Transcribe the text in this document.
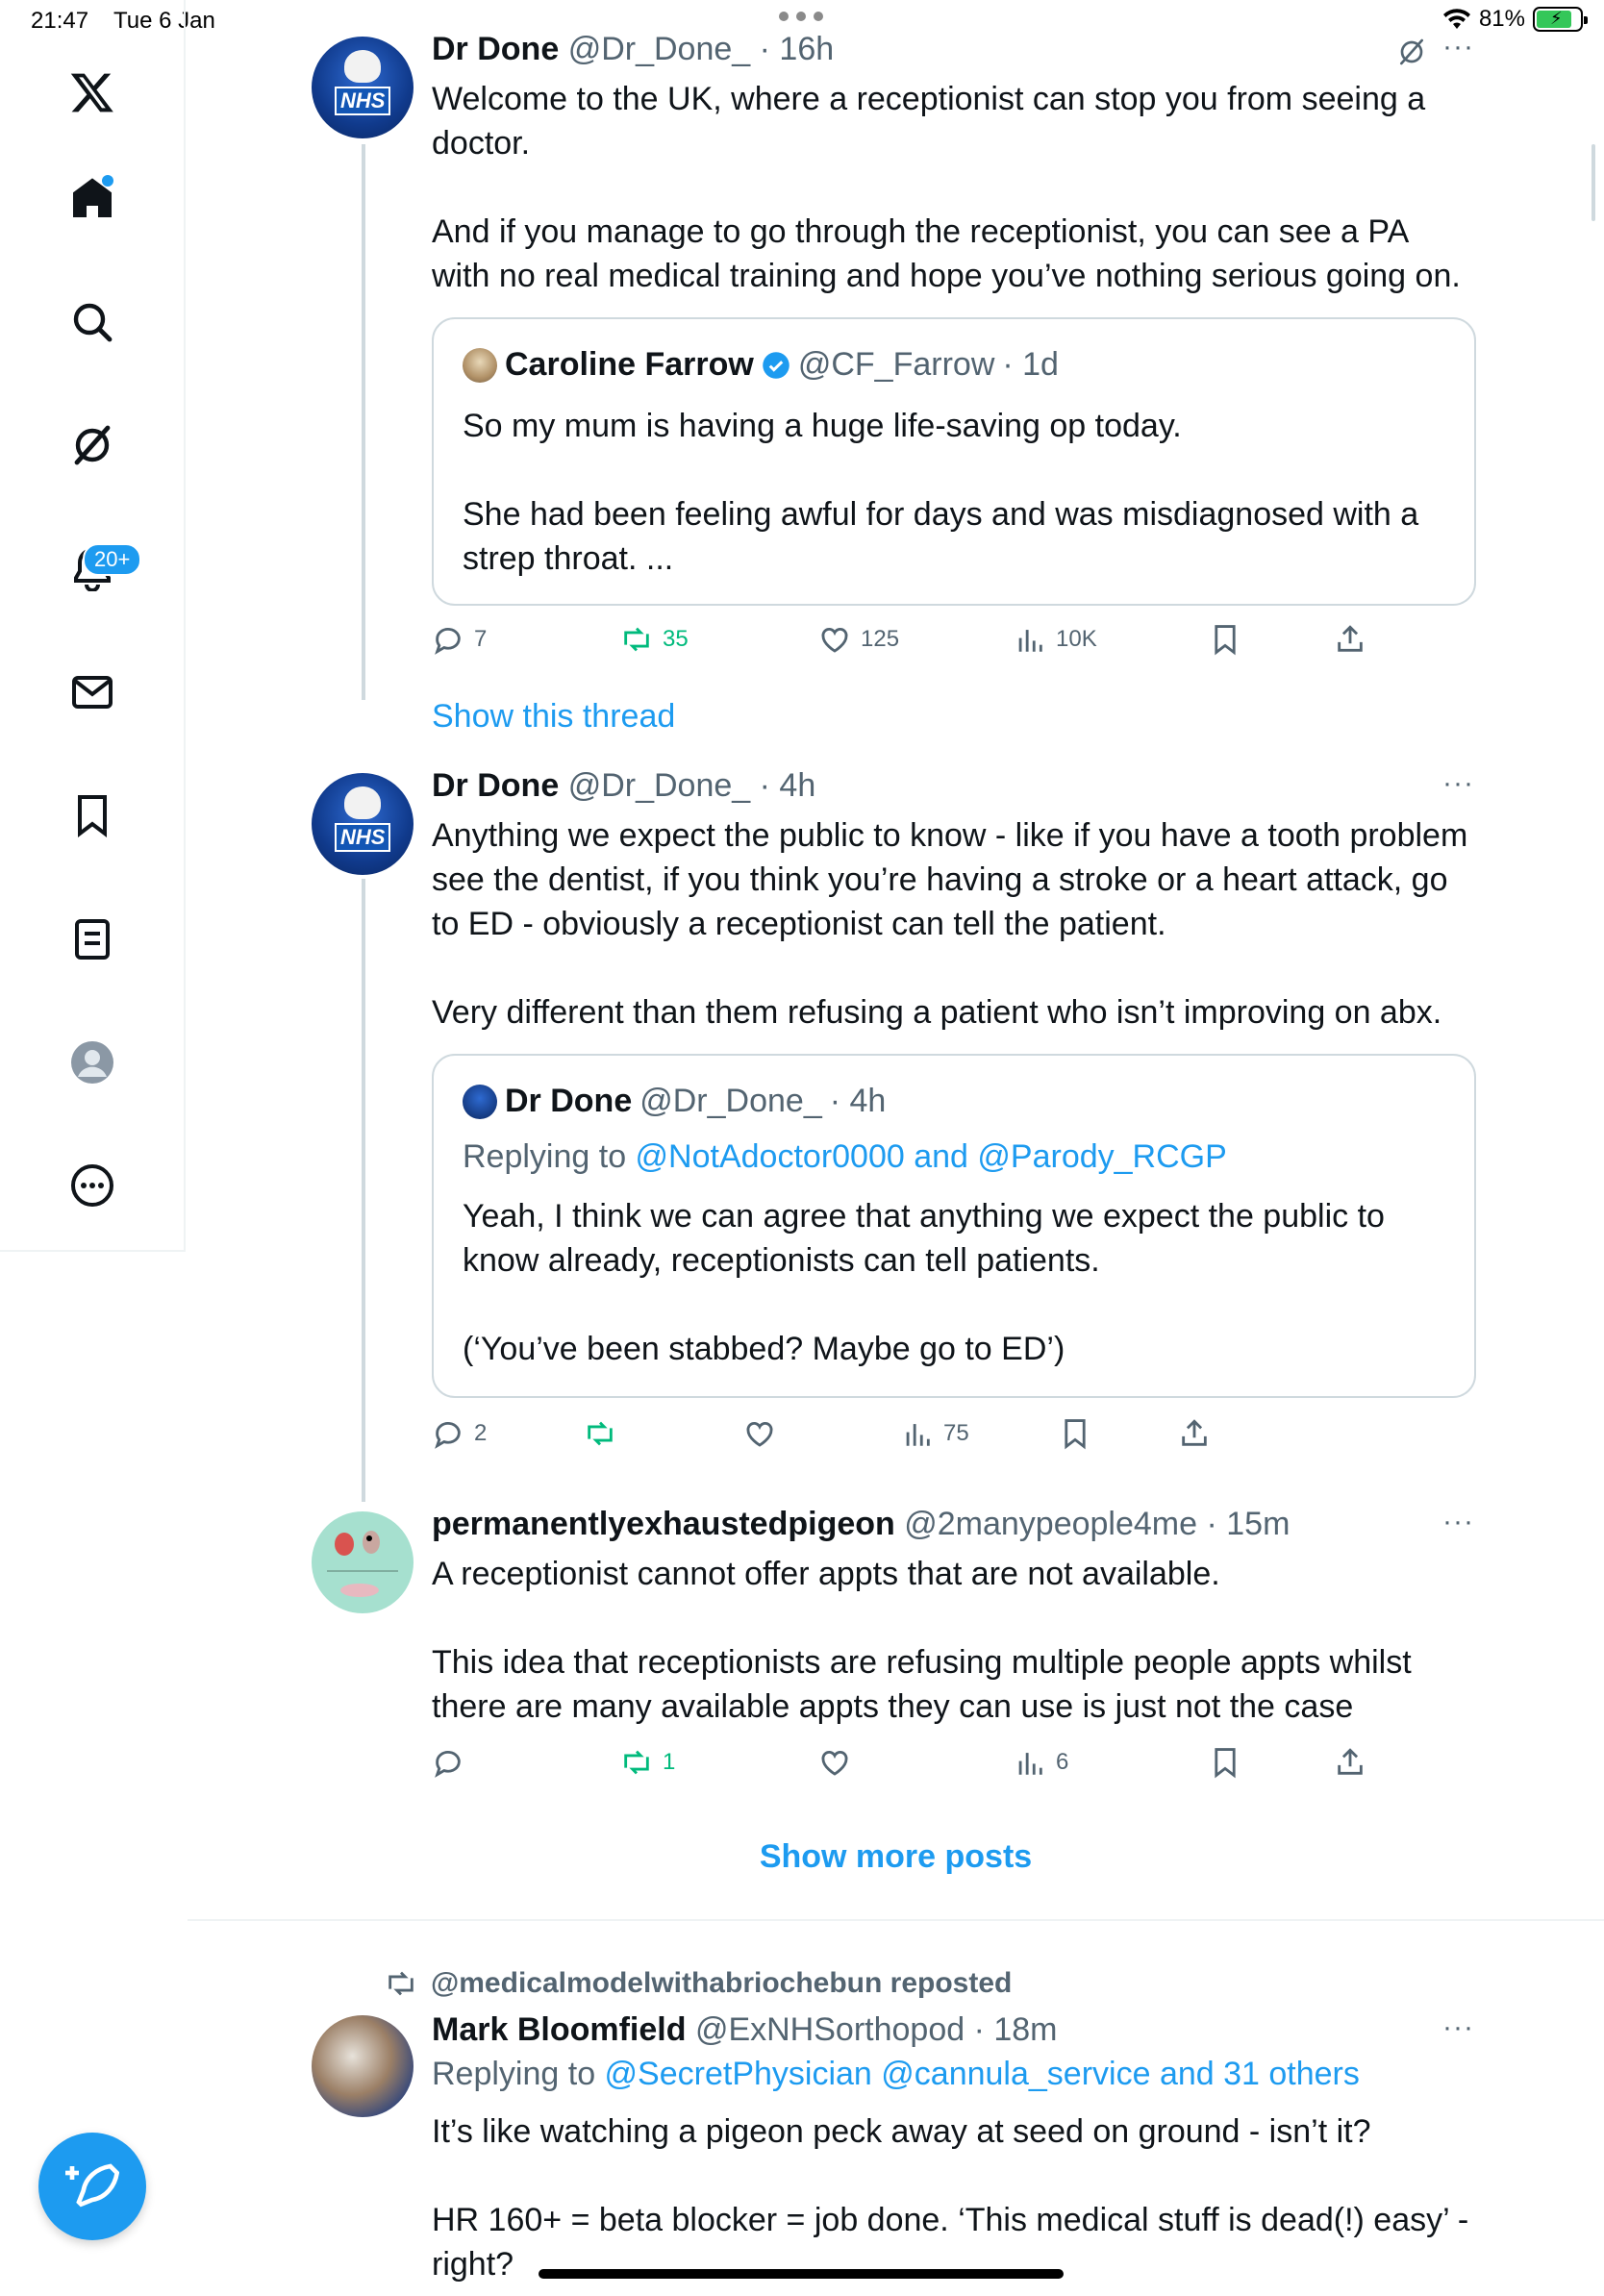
21:47 Tue 6 Jan	81% ⚡
20+
NHS
Dr Done @Dr_Done_ · 16h	···
Welcome to the UK, where a receptionist can stop you from seeing a doctor.

And if you manage to go through the receptionist, you can see a PA with no real medical training and hope you’ve nothing serious going on.
Caroline Farrow @CF_Farrow · 1d
So my mum is having a huge life-saving op today.

She had been feeling awful for days and was misdiagnosed with a strep throat. ...
7	35	125	10K
Show this thread
NHS
Dr Done @Dr_Done_ · 4h	···
Anything we expect the public to know - like if you have a tooth problem see the dentist, if you think you’re having a stroke or a heart attack, go to ED - obviously a receptionist can tell the patient.

Very different than them refusing a patient who isn’t improving on abx.
Dr Done @Dr_Done_ · 4h
Replying to @NotAdoctor0000 and @Parody_RCGP
Yeah, I think we can agree that anything we expect the public to know already, receptionists can tell patients.

(‘You’ve been stabbed? Maybe go to ED’)
2	75
permanentlyexhaustedpigeon @2manypeople4me · 15m	···
A receptionist cannot offer appts that are not available.

This idea that receptionists are refusing multiple people appts whilst there are many available appts they can use is just not the case
1	6
Show more posts
@medicalmodelwithabriochebun reposted
Mark Bloomfield @ExNHSorthopod · 18m	···
Replying to @SecretPhysician @cannula_service and 31 others
It’s like watching a pigeon peck away at seed on ground - isn’t it?

HR 160+ = beta blocker = job done. ‘This medical stuff is dead(!) easy’ - right?
